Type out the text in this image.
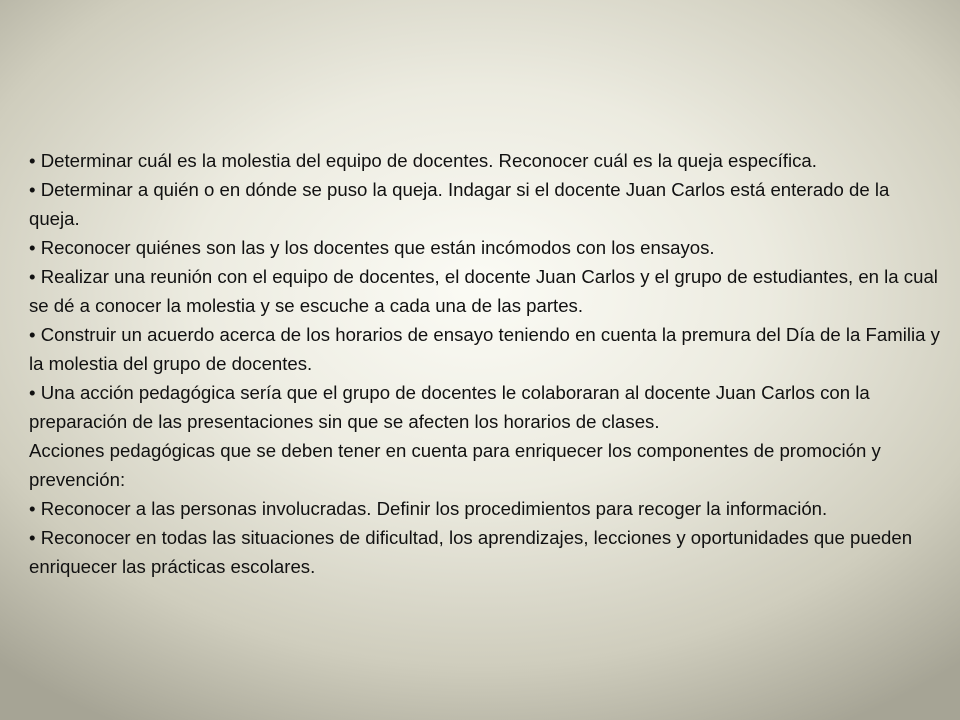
• Determinar cuál es la molestia del equipo de docentes. Reconocer cuál es la queja específica.

• Determinar a quién o en dónde se puso la queja. Indagar si el docente Juan Carlos está enterado de la queja.

• Reconocer quiénes son las y los docentes que están incómodos con los ensayos.

• Realizar una reunión con el equipo de docentes, el docente Juan Carlos y el grupo de estudiantes, en la cual se dé a conocer la molestia y se escuche a cada una de las partes.

• Construir un acuerdo acerca de los horarios de ensayo teniendo en cuenta la premura del Día de la Familia y la molestia del grupo de docentes.

• Una acción pedagógica sería que el grupo de docentes le colaboraran al docente Juan Carlos con la preparación de las presentaciones sin que se afecten los horarios de clases.

Acciones pedagógicas que se deben tener en cuenta para enriquecer los componentes de promoción y prevención:

• Reconocer a las personas involucradas. Definir los procedimientos para recoger la información.

• Reconocer en todas las situaciones de dificultad, los aprendizajes, lecciones y oportunidades que pueden enriquecer las prácticas escolares.
